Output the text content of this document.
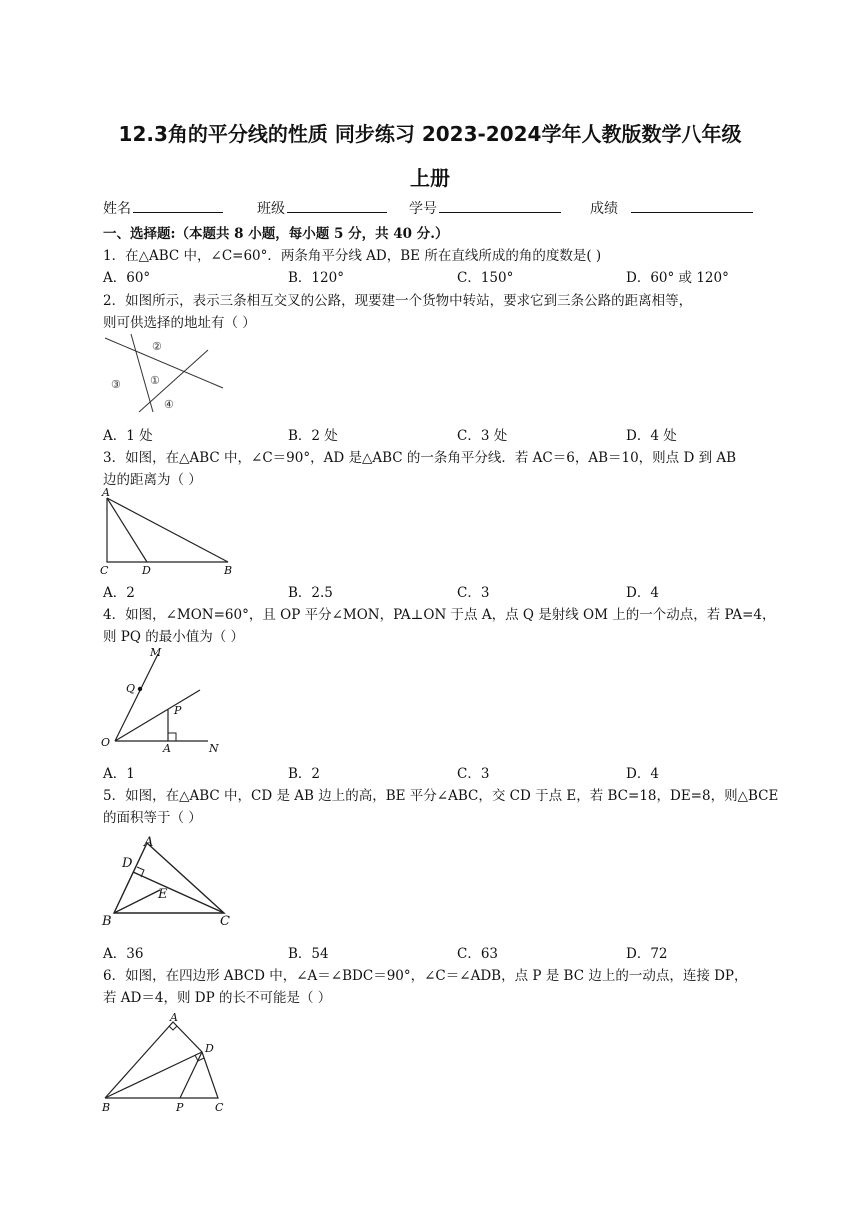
12.3角的平分线的性质 同步练习 2023-2024学年人教版数学八年级
上册
姓名	班级	学号	成绩
一、选择题:（本题共 8 小题，每小题 5 分，共 40 分.）
1．在△ABC 中，∠C=60°．两条角平分线 AD，BE 所在直线所成的角的度数是( )
A．60°	B．120°	C．150°	D．60° 或 120°
2．如图所示，表示三条相互交叉的公路，现要建一个货物中转站，要求它到三条公路的距离相等，
则可供选择的地址有（ ）
②
③	①
④
A．1 处	B．2 处	C．3 处	D．4 处
3．如图，在△ABC 中，∠C＝90°，AD 是△ABC 的一条角平分线．若 AC＝6，AB＝10，则点 D 到 AB
边的距离为（ ）
A
C	D	B
A．2	B．2.5	C．3	D．4
4．如图，∠MON=60°，且 OP 平分∠MON，PA⊥ON 于点 A，点 Q 是射线 OM 上的一个动点，若 PA=4，
则 PQ 的最小值为（ ）
M
Q
P
O	A	N
A．1	B．2	C．3	D．4
5．如图，在△ABC 中，CD 是 AB 边上的高，BE 平分∠ABC，交 CD 于点 E，若 BC=18，DE=8，则△BCE
的面积等于（ ）
A
D
E
B	C
A．36	B．54	C．63	D．72
6．如图，在四边形 ABCD 中，∠A＝∠BDC＝90°，∠C＝∠ADB，点 P 是 BC 边上的一动点，连接 DP，
若 AD＝4，则 DP 的长不可能是（ ）
A
D
B	P	C
